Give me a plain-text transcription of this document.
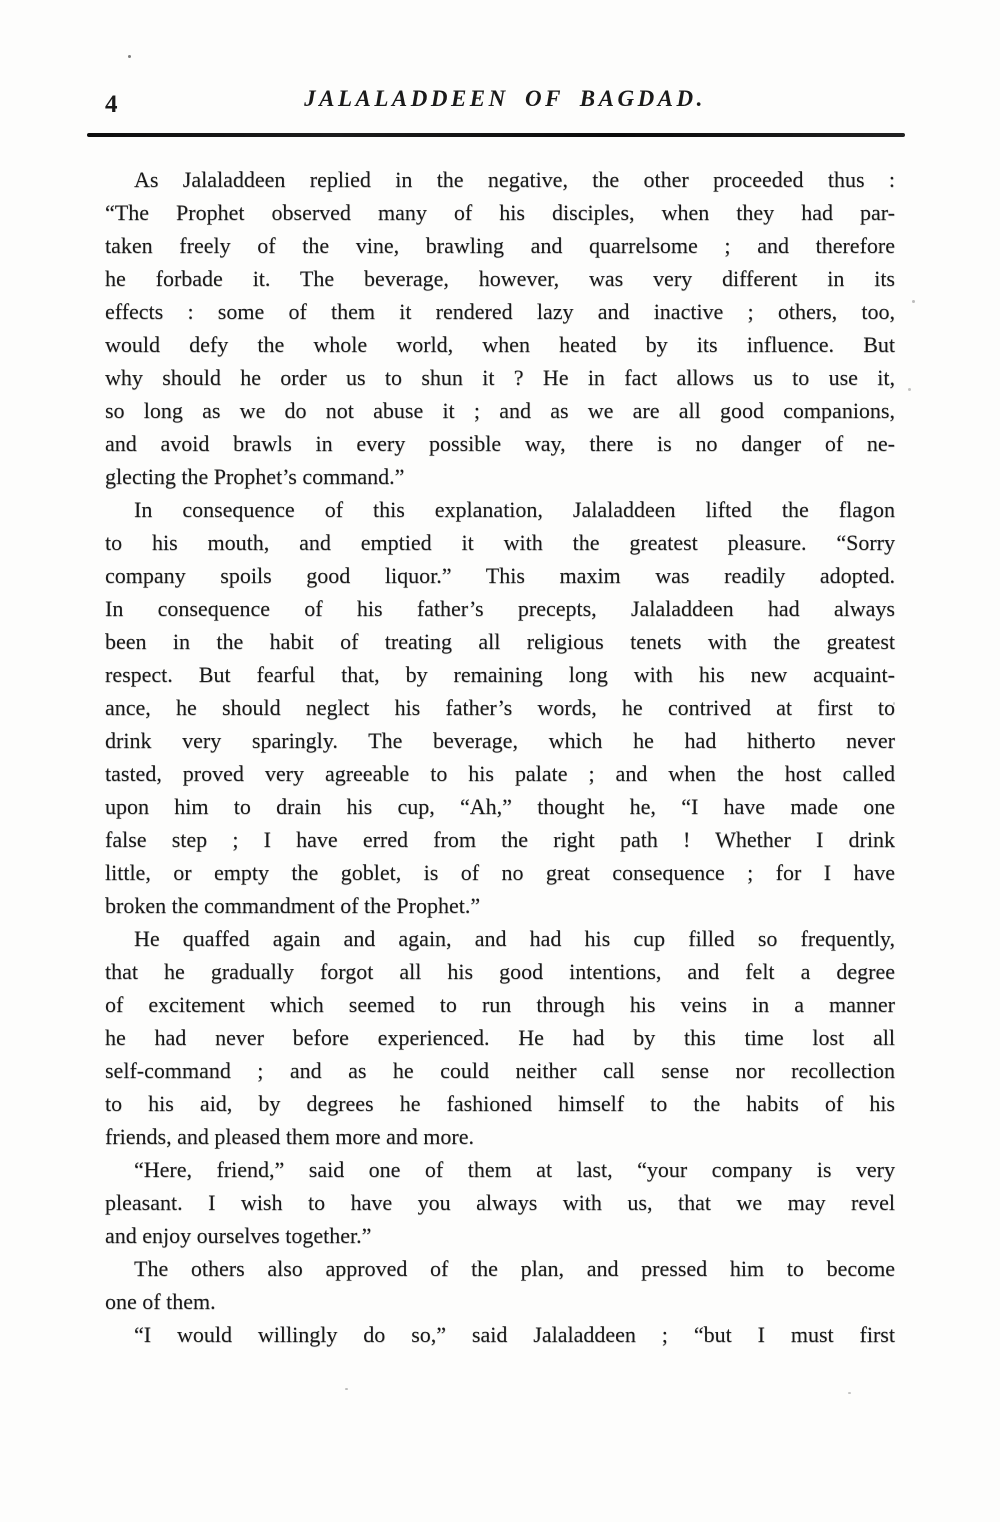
4	JALALADDEEN OF BAGDAD.
As Jalaladdeen replied in the negative, the other proceeded thus :
“The Prophet observed many of his disciples, when they had par-
taken freely of the vine, brawling and quarrelsome ; and therefore
he forbade it. The beverage, however, was very different in its
effects : some of them it rendered lazy and inactive ; others, too,
would defy the whole world, when heated by its influence. But
why should he order us to shun it ? He in fact allows us to use it,
so long as we do not abuse it ; and as we are all good companions,
and avoid brawls in every possible way, there is no danger of ne-
glecting the Prophet’s command.”
In consequence of this explanation, Jalaladdeen lifted the flagon
to his mouth, and emptied it with the greatest pleasure. “Sorry
company spoils good liquor.” This maxim was readily adopted.
In consequence of his father’s precepts, Jalaladdeen had always
been in the habit of treating all religious tenets with the greatest
respect. But fearful that, by remaining long with his new acquaint-
ance, he should neglect his father’s words, he contrived at first to
drink very sparingly. The beverage, which he had hitherto never
tasted, proved very agreeable to his palate ; and when the host called
upon him to drain his cup, “Ah,” thought he, “I have made one
false step ; I have erred from the right path ! Whether I drink
little, or empty the goblet, is of no great consequence ; for I have
broken the commandment of the Prophet.”
He quaffed again and again, and had his cup filled so frequently,
that he gradually forgot all his good intentions, and felt a degree
of excitement which seemed to run through his veins in a manner
he had never before experienced. He had by this time lost all
self-command ; and as he could neither call sense nor recollection
to his aid, by degrees he fashioned himself to the habits of his
friends, and pleased them more and more.
“Here, friend,” said one of them at last, “your company is very
pleasant. I wish to have you always with us, that we may revel
and enjoy ourselves together.”
The others also approved of the plan, and pressed him to become
one of them.
“I would willingly do so,” said Jalaladdeen ; “but I must first
